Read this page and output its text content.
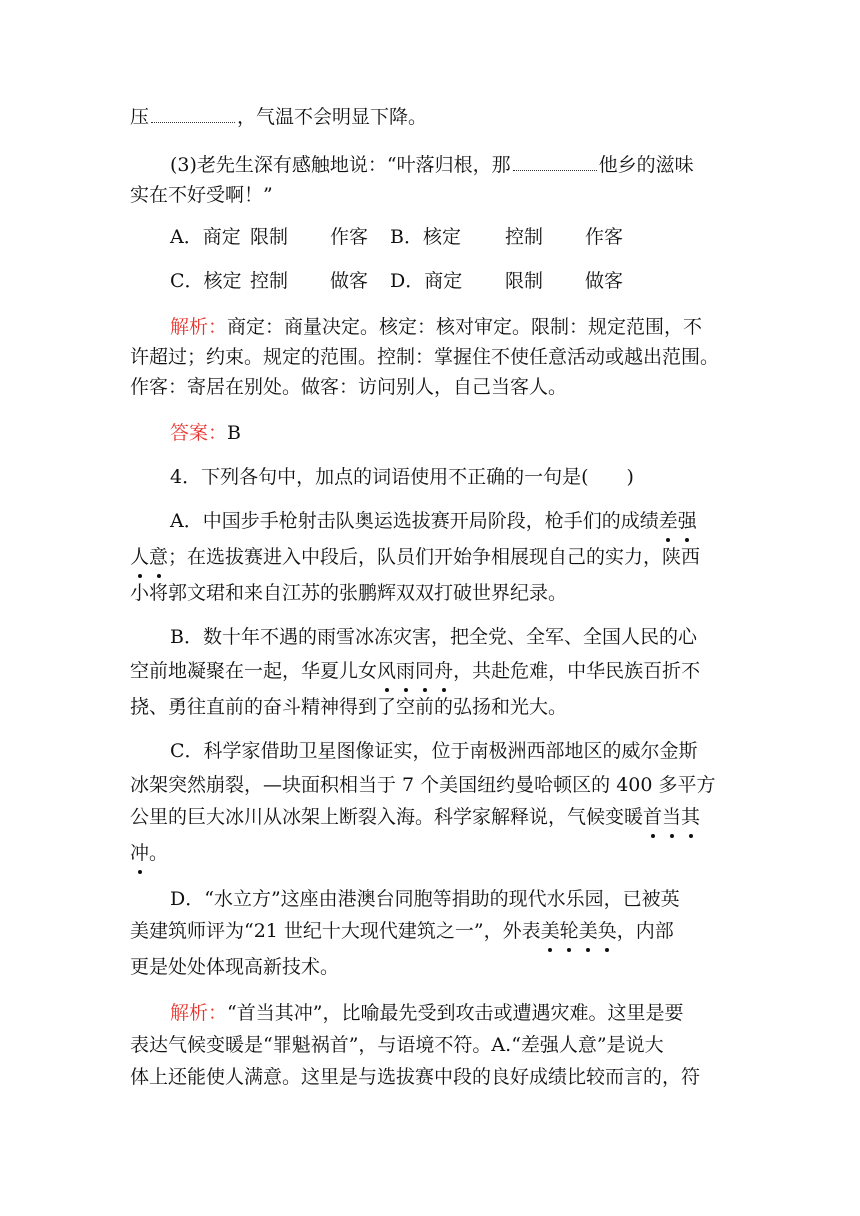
压	，气温不会明显下降。
(3)老先生深有感触地说：“叶落归根，那	他乡的滋味
实在不好受啊！”
A．商定 限制 作客 B．核定 控制 作客
C．核定 控制 做客 D．商定 限制 做客
解析：商定：商量决定。核定：核对审定。限制：规定范围，不
许超过；约束。规定的范围。控制：掌握住不使任意活动或越出范围。
作客：寄居在别处。做客：访问别人，自己当客人。
答案：B
4．下列各句中，加点的词语使用不正确的一句是(　　)
A．中国步手枪射击队奥运选拔赛开局阶段，枪手们的成绩差强
人意；在选拔赛进入中段后，队员们开始争相展现自己的实力，陕西
小将郭文珺和来自江苏的张鹏辉双双打破世界纪录。
B．数十年不遇的雨雪冰冻灾害，把全党、全军、全国人民的心
空前地凝聚在一起，华夏儿女风雨同舟，共赴危难，中华民族百折不
挠、勇往直前的奋斗精神得到了空前的弘扬和光大。
C．科学家借助卫星图像证实，位于南极洲西部地区的威尔金斯
冰架突然崩裂，—块面积相当于 7 个美国纽约曼哈顿区的 400 多平方
公里的巨大冰川从冰架上断裂入海。科学家解释说，气候变暖首当其
冲。
D．“水立方”这座由港澳台同胞等捐助的现代水乐园，已被英
美建筑师评为“21 世纪十大现代建筑之一”，外表美轮美奂，内部
更是处处体现高新技术。
解析：“首当其冲”，比喻最先受到攻击或遭遇灾难。这里是要
表达气候变暖是“罪魁祸首”，与语境不符。A.“差强人意”是说大
体上还能使人满意。这里是与选拔赛中段的良好成绩比较而言的，符
